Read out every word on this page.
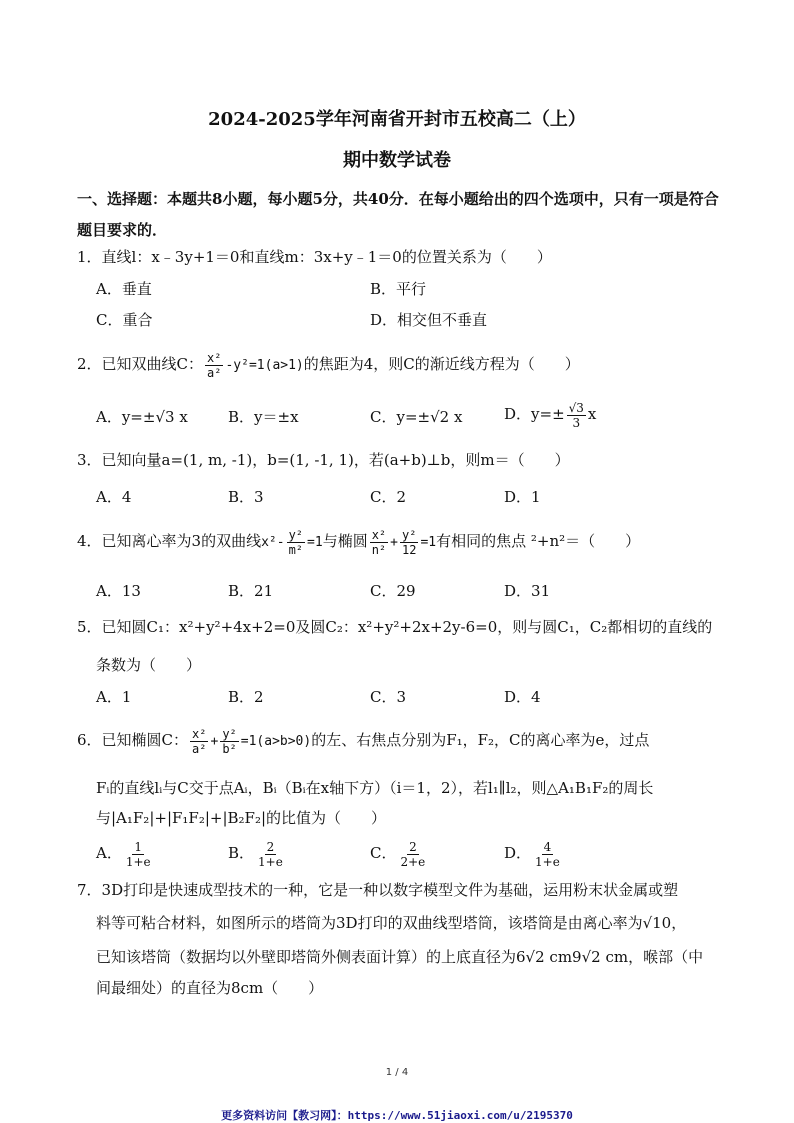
2024-2025学年河南省开封市五校高二（上）
期中数学试卷
一、选择题：本题共8小题，每小题5分，共40分．在每小题给出的四个选项中，只有一项是符合题目要求的．
1．直线l：x﹣3y+1＝0和直线m：3x+y﹣1＝0的位置关系为（　　）
A．垂直	B．平行
C．重合	D．相交但不垂直
2．已知双曲线C： $\frac{\text{x²}}{\text{a²}} -y^2=1(a>1)$的焦距为4，则C的渐近线方程为（　　）
A．y=±√3 x	B．y＝±x	C．y=±√2 x	D．$y=\pm \frac{√3}{3}$ x
3．已知向量a=(1, m, -1)，b=(1, -1, 1)，若(a+b)⊥b，则m＝（　　）
A．4	B．3	C．2	D．1
4．已知离心率为3的双曲线$x^2- \frac{\text{y²}}{\text{m²}} =1$与椭圆 $\frac{\text{x²}}{\text{n²}} + \frac{\text{y²}}{12} =1$有相同的焦点 ²+n²＝（　　）
A．13	B．21	C．29	D．31
5．已知圆C₁：x²+y²+4x+2=0及圆C₂：x²+y²+2x+2y-6=0，则与圆C₁，C₂都相切的直线的
条数为（　　）
A．1	B．2	C．3	D．4
6．已知椭圆C： $\frac{\text{x²}}{\text{a²}} + \frac{\text{y²}}{\text{b²}} =1(a>b>0)$的左、右焦点分别为F₁，F₂，C的离心率为e，过点
Fᵢ的直线lᵢ与C交于点Aᵢ，Bᵢ（Bᵢ在x轴下方）（i＝1，2），若l₁∥l₂，则△A₁B₁F₂的周长
与|A₁F₂|+|F₁F₂|+|B₂F₂|的比值为（　　）
A． $\frac{1}{1+e}$	B． $\frac{2}{1+e}$	C． $\frac{2}{2+e}$	D． $\frac{4}{1+e}$
7．3D打印是快速成型技术的一种，它是一种以数字模型文件为基础，运用粉末状金属或塑
料等可粘合材料，如图所示的塔筒为3D打印的双曲线型塔筒，该塔筒是由离心率为√10，
已知该塔筒（数据均以外壁即塔筒外侧表面计算）的上底直径为6√2 cm9√2 cm，喉部（中
间最细处）的直径为8cm（　　）
1 / 4
更多资料访问【教习网】：https://www.51jiaoxi.com/u/2195370
